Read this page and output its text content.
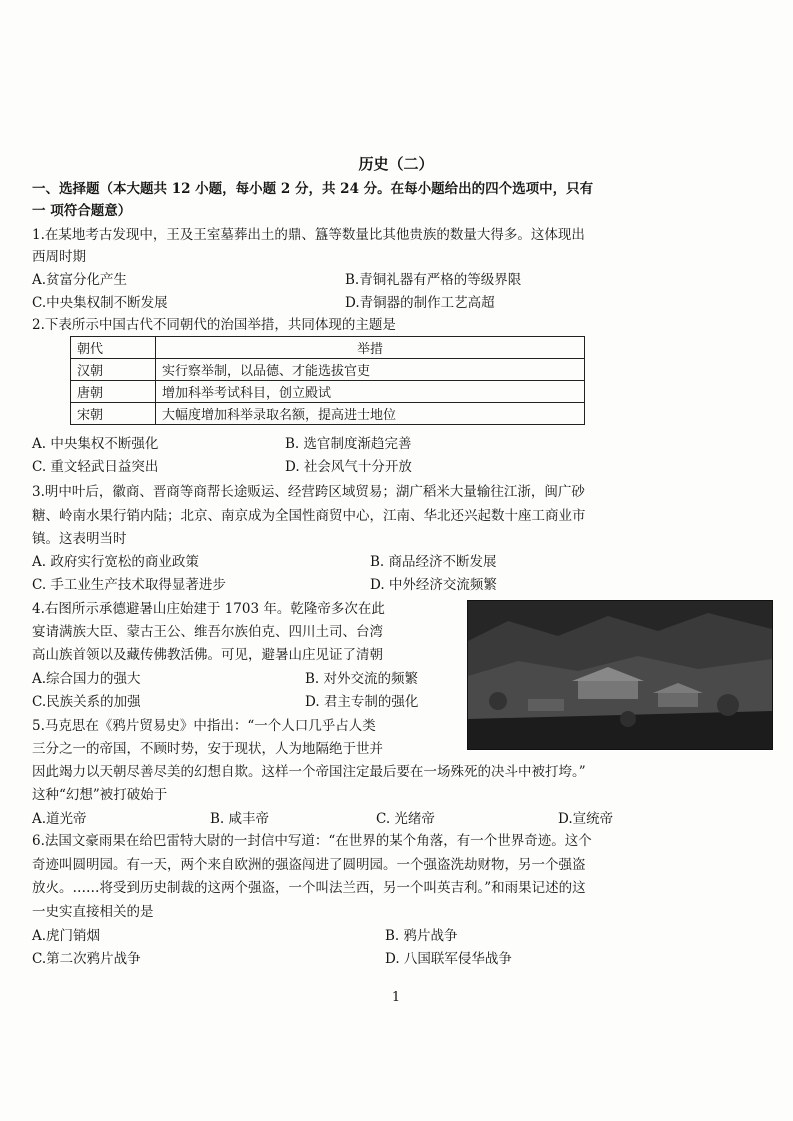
历史（二）
一、选择题（本大题共 12 小题，每小题 2 分，共 24 分。在每小题给出的四个选项中，只有
一 项符合题意）
1.在某地考古发现中，王及王室墓葬出土的鼎、簋等数量比其他贵族的数量大得多。这体现出
西周时期
A.贫富分化产生	B.青铜礼器有严格的等级界限
C.中央集权制不断发展	D.青铜器的制作工艺高超
2.下表所示中国古代不同朝代的治国举措，共同体现的主题是
朝代	举措
汉朝	实行察举制，以品德、才能选拔官吏
唐朝	增加科举考试科目，创立殿试
宋朝	大幅度增加科举录取名额，提高进士地位
A. 中央集权不断强化	B. 选官制度渐趋完善
C. 重文轻武日益突出	D. 社会风气十分开放
3.明中叶后，徽商、晋商等商帮长途贩运、经营跨区域贸易；湖广稻米大量输往江浙，闽广砂
糖、岭南水果行销内陆；北京、南京成为全国性商贸中心，江南、华北还兴起数十座工商业市
镇。这表明当时
A. 政府实行宽松的商业政策	B. 商品经济不断发展
C. 手工业生产技术取得显著进步	D. 中外经济交流频繁
4.右图所示承德避暑山庄始建于 1703 年。乾隆帝多次在此
宴请满族大臣、蒙古王公、维吾尔族伯克、四川土司、台湾
高山族首领以及藏传佛教活佛。可见，避暑山庄见证了清朝
A.综合国力的强大	B. 对外交流的频繁
C.民族关系的加强	D. 君主专制的强化
5.马克思在《鸦片贸易史》中指出：“一个人口几乎占人类
三分之一的帝国，不顾时势，安于现状，人为地隔绝于世并
因此竭力以天朝尽善尽美的幻想自欺。这样一个帝国注定最后要在一场殊死的决斗中被打垮。”
这种“幻想”被打破始于
A.道光帝	B. 咸丰帝	C. 光绪帝	D.宣统帝
6.法国文豪雨果在给巴雷特大尉的一封信中写道：“在世界的某个角落，有一个世界奇迹。这个
奇迹叫圆明园。有一天，两个来自欧洲的强盗闯进了圆明园。一个强盗洗劫财物，另一个强盗
放火。……将受到历史制裁的这两个强盗，一个叫法兰西，另一个叫英吉利。”和雨果记述的这
一史实直接相关的是
A.虎门销烟	B. 鸦片战争
C.第二次鸦片战争	D. 八国联军侵华战争
1
